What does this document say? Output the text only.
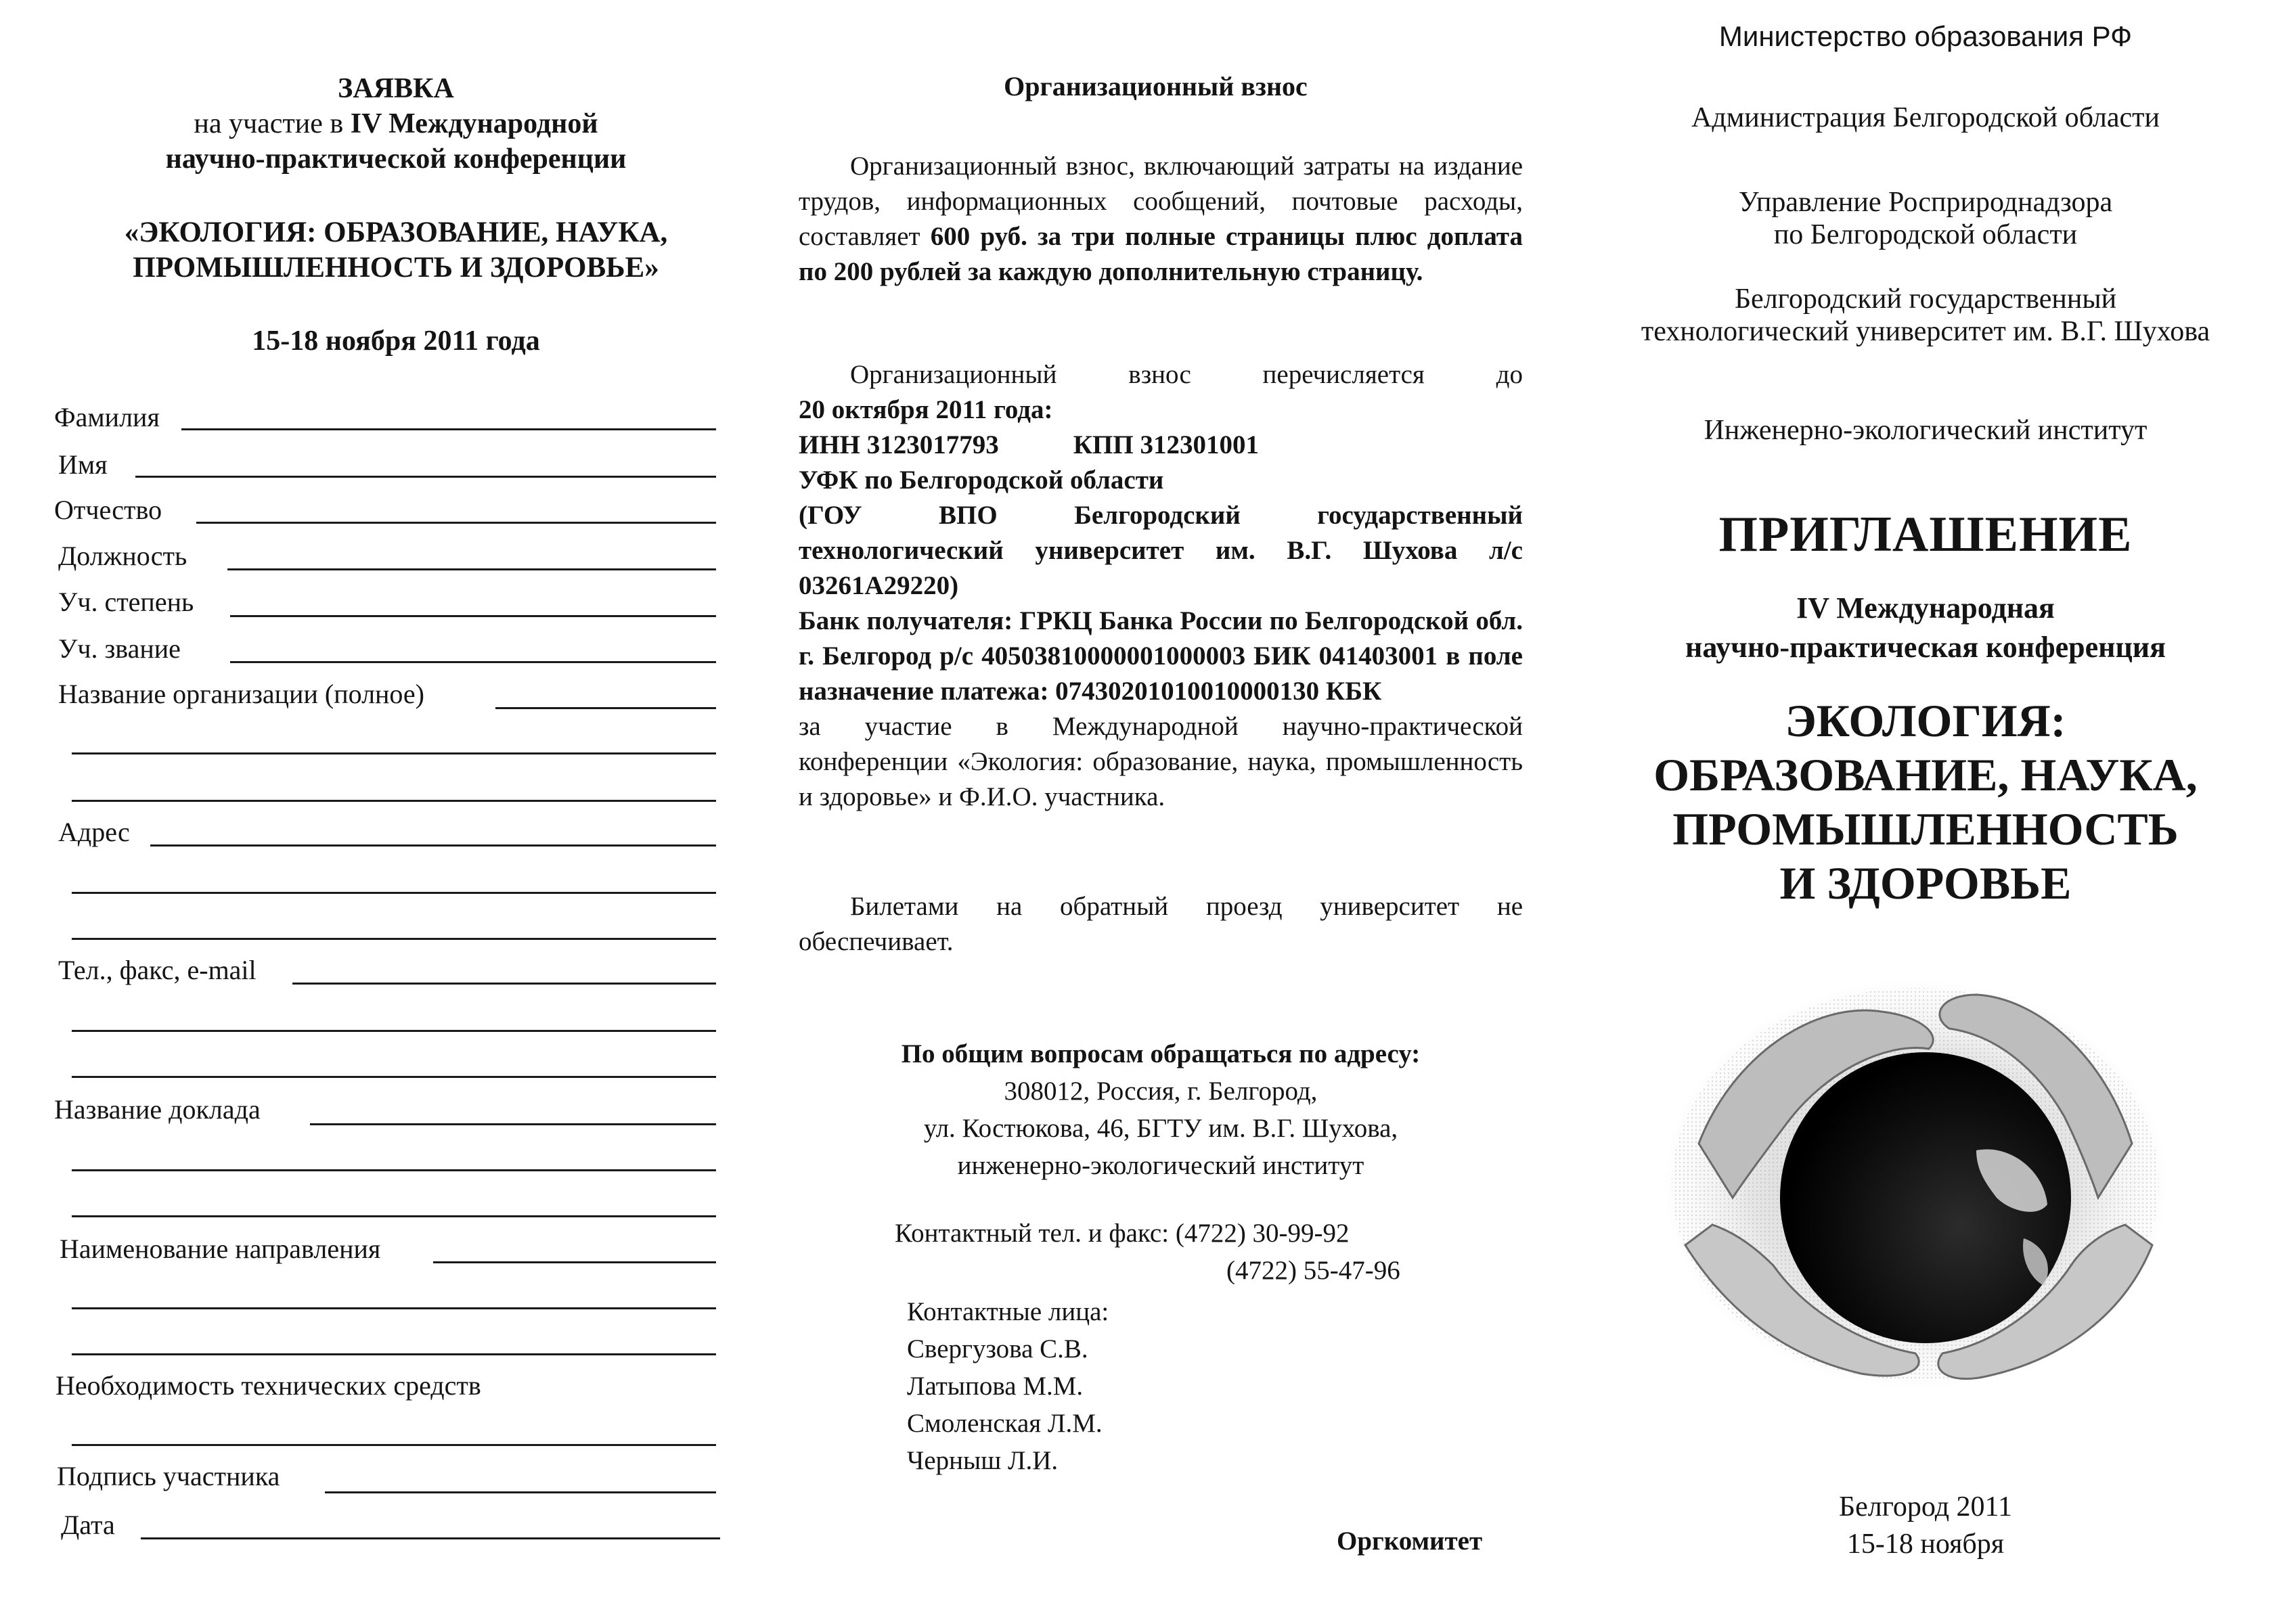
ЗАЯВКА
на участие в IV Международной
научно-практической конференции
«ЭКОЛОГИЯ: ОБРАЗОВАНИЕ, НАУКА,
ПРОМЫШЛЕННОСТЬ И ЗДОРОВЬЕ»
15-18 ноября 2011 года
Фамилия
Имя
Отчество
Должность
Уч. степень
Уч. звание
Название организации (полное)
Адрес
Тел., факс, e-mail
Название доклада
Наименование направления
Необходимость технических средств
Подпись участника
Дата
Организационный взнос
Организационный взнос, включающий затраты на издание трудов, информационных сообщений, почтовые расходы, составляет 600 руб. за три полные страницы плюс доплата по 200 рублей за каждую дополнительную страницу.
Организационный	взнос	перечисляется	до
20 октября 2011 года:
ИНН 3123017793	КПП 312301001
УФК по Белгородской области
(ГОУ ВПО Белгородский государственный технологический университет им. В.Г. Шухова л/с 03261А29220)
Банк получателя: ГРКЦ Банка России по Белгородской обл. г. Белгород р/с 40503810000001000003 БИК 041403001 в поле назначение платежа: 07430201010010000130 КБК
за участие в Международной научно-практической конференции «Экология: образование, наука, промышленность и здоровье» и Ф.И.О. участника.
Билетами на обратный проезд университет не обеспечивает.
По общим вопросам обращаться по адресу:
308012, Россия, г. Белгород,
ул. Костюкова, 46, БГТУ им. В.Г. Шухова,
инженерно-экологический институт
Контактный тел. и факс: (4722) 30-99-92
(4722) 55-47-96
Контактные лица:
Свергузова С.В.
Латыпова М.М.
Смоленская Л.М.
Черныш Л.И.
Оргкомитет
Министерство образования РФ
Администрация Белгородской области
Управление Росприроднадзора
по Белгородской области
Белгородский государственный
технологический университет им. В.Г. Шухова
Инженерно-экологический институт
ПРИГЛАШЕНИЕ
IV Международная
научно-практическая конференция
ЭКОЛОГИЯ:
ОБРАЗОВАНИЕ, НАУКА,
ПРОМЫШЛЕННОСТЬ
И ЗДОРОВЬЕ
Белгород 2011
15-18 ноября
